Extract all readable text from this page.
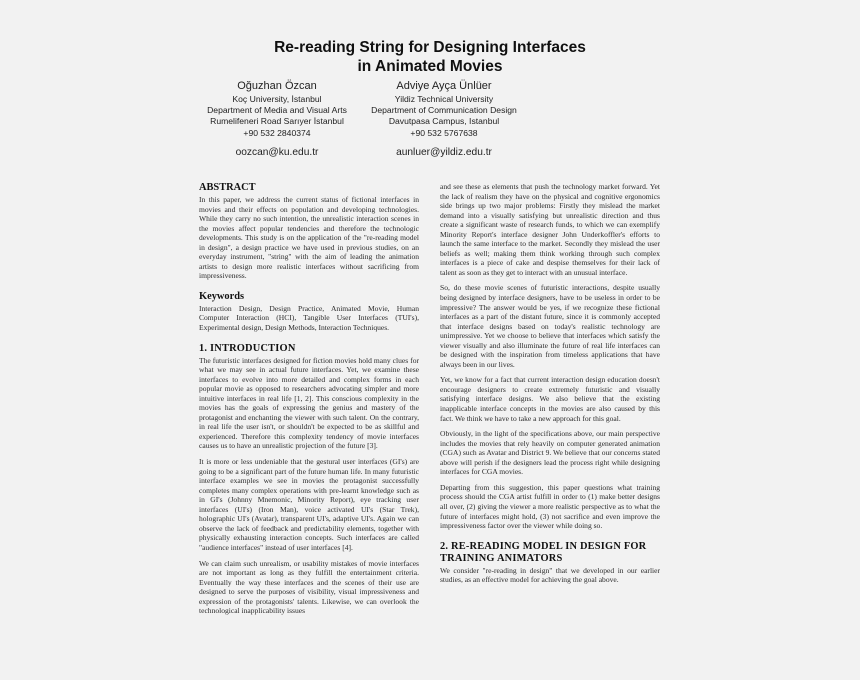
Re-reading String for Designing Interfaces
in Animated Movies
Oğuzhan Özcan
Koç University, İstanbul
Department of Media and Visual Arts
Rumelifeneri Road Sarıyer İstanbul
+90 532 2840374
oozcan@ku.edu.tr
Adviye Ayça Ünlüer
Yildiz Technical University
Department of Communication Design
Davutpasa Campus, Istanbul
+90 532 5767638
aunluer@yildiz.edu.tr
ABSTRACT

In this paper, we address the current status of fictional interfaces in movies and their effects on population and developing technologies. While they carry no such intention, the unrealistic interaction scenes in the movies affect popular tendencies and therefore the technologic developments. This study is on the application of the "re-reading model in design", a design practice we have used in previous studies, on an everyday instrument, "string" with the aim of leading the animation artists to design more realistic interfaces without sacrificing from impressiveness.

Keywords

Interaction Design, Design Practice, Animated Movie, Human Computer Interaction (HCI), Tangible User Interfaces (TUI's), Experimental design, Design Methods, Interaction Techniques.

1. INTRODUCTION

The futuristic interfaces designed for fiction movies hold many clues for what we may see in actual future interfaces. Yet, we examine these interfaces to evolve into more detailed and complex forms in each popular movie as opposed to researchers advocating simpler and more intuitive interfaces in real life [1, 2]. This conscious complexity in the movies has the goals of expressing the genius and mastery of the protagonist and enchanting the viewer with such talent. On the contrary, in real life the user isn't, or shouldn't be expected to be as skillful and experienced. Therefore this complexity tendency of movie interfaces causes us to have an unrealistic projection of the future [3].

It is more or less undeniable that the gestural user interfaces (GI's) are going to be a significant part of the future human life. In many futuristic interface examples we see in movies the protagonist successfully completes many complex operations with pre-learnt knowledge such as in GI's (Johnny Mnemonic, Minority Report), eye tracking user interfaces (UI's) (Iron Man), voice activated UI's (Star Trek), holographic UI's (Avatar), transparent UI's, adaptive UI's. Again we can observe the lack of feedback and predictability elements, together with physically exhausting interaction concepts. Such interfaces are called "audience interfaces" instead of user interfaces [4].

We can claim such unrealism, or usability mistakes of movie interfaces are not important as long as they fulfill the entertainment criteria. Eventually the way these interfaces and the scenes of their use are designed to serve the purposes of visibility, visual impressiveness and expression of the protagonists' talents. Likewise, we can overlook the technological inapplicability issues

and see these as elements that push the technology market forward. Yet the lack of realism they have on the physical and cognitive ergonomics side brings up two major problems: Firstly they mislead the market demand into a visually satisfying but unrealistic direction and thus create a significant waste of research funds, to which we can exemplify Minority Report's interface designer John Underkoffler's efforts to launch the same interface to the market. Secondly they mislead the user beliefs as well; making them think working through such complex interfaces is a piece of cake and despise themselves for their lack of talent as soon as they get to interact with an unusual interface.

So, do these movie scenes of futuristic interactions, despite usually being designed by interface designers, have to be useless in order to be impressive? The answer would be yes, if we recognize these fictional interfaces as a part of the distant future, since it is commonly accepted that interface designs based on today's realistic technology are unimpressive. Yet we choose to believe that interfaces which satisfy the viewer visually and also illuminate the future of real life interfaces can be designed with the inspiration from timeless applications that have always been in our lives.

Yet, we know for a fact that current interaction design education doesn't encourage designers to create extremely futuristic and visually satisfying interface designs. We also believe that the existing inapplicable interface concepts in the movies are also caused by this fact. We think we have to take a new approach for this goal.

Obviously, in the light of the specifications above, our main perspective includes the movies that rely heavily on computer generated animation (CGA) such as Avatar and District 9. We believe that our concerns stated above will perish if the designers lead the process right while designing interfaces for CGA movies.

Departing from this suggestion, this paper questions what training process should the CGA artist fulfill in order to (1) make better designs all over, (2) giving the viewer a more realistic perspective as to what the future of interfaces might hold, (3) not sacrifice and even improve the impressiveness factor over the viewer while doing so.

2. RE-READING MODEL IN DESIGN FOR
TRAINING ANIMATORS

We consider "re-reading in design" that we developed in our earlier studies, as an effective model for achieving the goal above.
